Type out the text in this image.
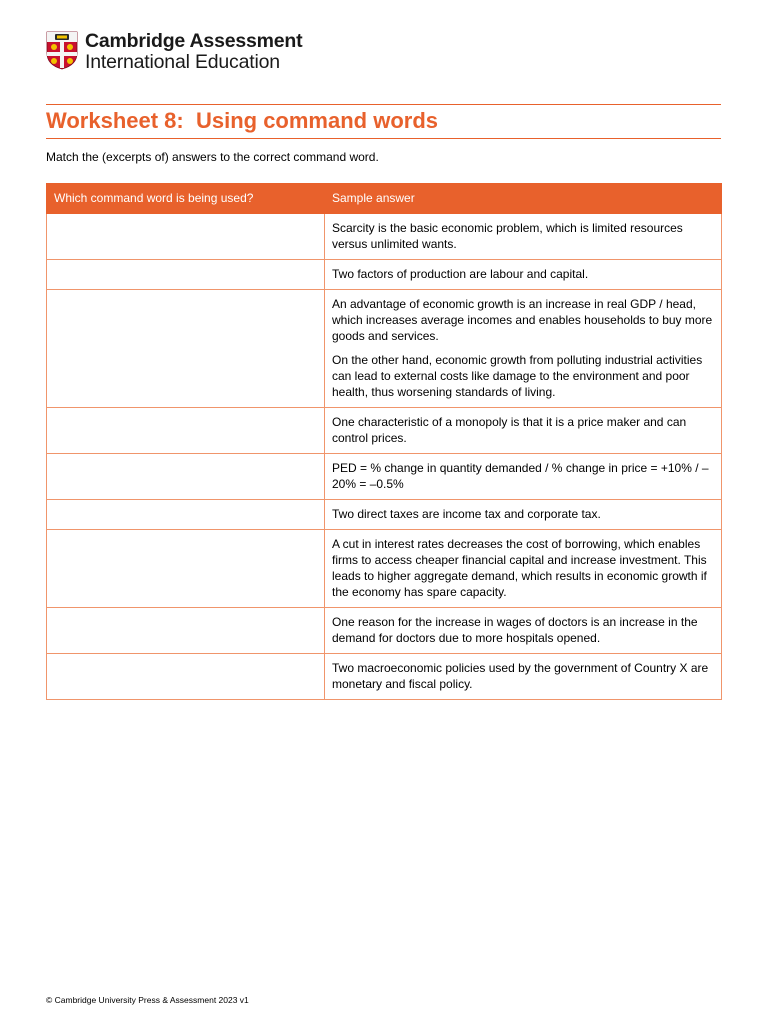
Cambridge Assessment
International Education
Worksheet 8:  Using command words

Match the (excerpts of) answers to the correct command word.

Which command word is being used?	Sample answer

	Scarcity is the basic economic problem, which is limited resources versus unlimited wants.

	Two factors of production are labour and capital.

	An advantage of economic growth is an increase in real GDP / head, which increases average incomes and enables households to buy more goods and services.

On the other hand, economic growth from polluting industrial activities can lead to external costs like damage to the environment and poor health, thus worsening standards of living.

	One characteristic of a monopoly is that it is a price maker and can control prices.

	PED = % change in quantity demanded / % change in price = +10% / –20% = –0.5%

	Two direct taxes are income tax and corporate tax.

	A cut in interest rates decreases the cost of borrowing, which enables firms to access cheaper financial capital and increase investment. This leads to higher aggregate demand, which results in economic growth if the economy has spare capacity.

	One reason for the increase in wages of doctors is an increase in the demand for doctors due to more hospitals opened.

	Two macroeconomic policies used by the government of Country X are monetary and fiscal policy.

© Cambridge University Press & Assessment 2023 v1
